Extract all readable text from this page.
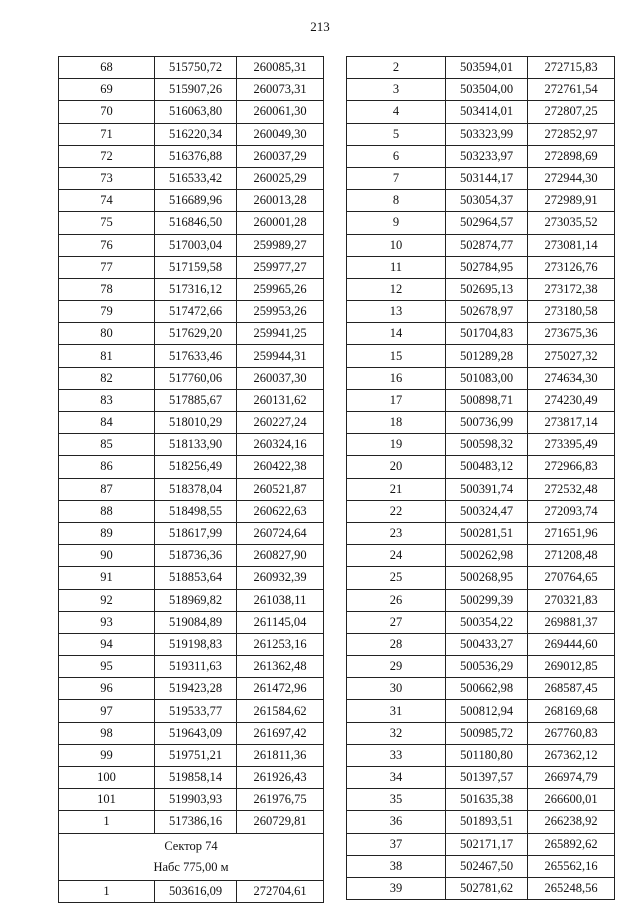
213
68	515750,72	260085,31
69	515907,26	260073,31
70	516063,80	260061,30
71	516220,34	260049,30
72	516376,88	260037,29
73	516533,42	260025,29
74	516689,96	260013,28
75	516846,50	260001,28
76	517003,04	259989,27
77	517159,58	259977,27
78	517316,12	259965,26
79	517472,66	259953,26
80	517629,20	259941,25
81	517633,46	259944,31
82	517760,06	260037,30
83	517885,67	260131,62
84	518010,29	260227,24
85	518133,90	260324,16
86	518256,49	260422,38
87	518378,04	260521,87
88	518498,55	260622,63
89	518617,99	260724,64
90	518736,36	260827,90
91	518853,64	260932,39
92	518969,82	261038,11
93	519084,89	261145,04
94	519198,83	261253,16
95	519311,63	261362,48
96	519423,28	261472,96
97	519533,77	261584,62
98	519643,09	261697,42
99	519751,21	261811,36
100	519858,14	261926,43
101	519903,93	261976,75
1	517386,16	260729,81

Сектор 74
Набс 775,00 м		

1	503616,09	272704,61
2	503594,01	272715,83
3	503504,00	272761,54
4	503414,01	272807,25
5	503323,99	272852,97
6	503233,97	272898,69
7	503144,17	272944,30
8	503054,37	272989,91
9	502964,57	273035,52
10	502874,77	273081,14
11	502784,95	273126,76
12	502695,13	273172,38
13	502678,97	273180,58
14	501704,83	273675,36
15	501289,28	275027,32
16	501083,00	274634,30
17	500898,71	274230,49
18	500736,99	273817,14
19	500598,32	273395,49
20	500483,12	272966,83
21	500391,74	272532,48
22	500324,47	272093,74
23	500281,51	271651,96
24	500262,98	271208,48
25	500268,95	270764,65
26	500299,39	270321,83
27	500354,22	269881,37
28	500433,27	269444,60
29	500536,29	269012,85
30	500662,98	268587,45
31	500812,94	268169,68
32	500985,72	267760,83
33	501180,80	267362,12
34	501397,57	266974,79
35	501635,38	266600,01
36	501893,51	266238,92
37	502171,17	265892,62
38	502467,50	265562,16
39	502781,62	265248,56
